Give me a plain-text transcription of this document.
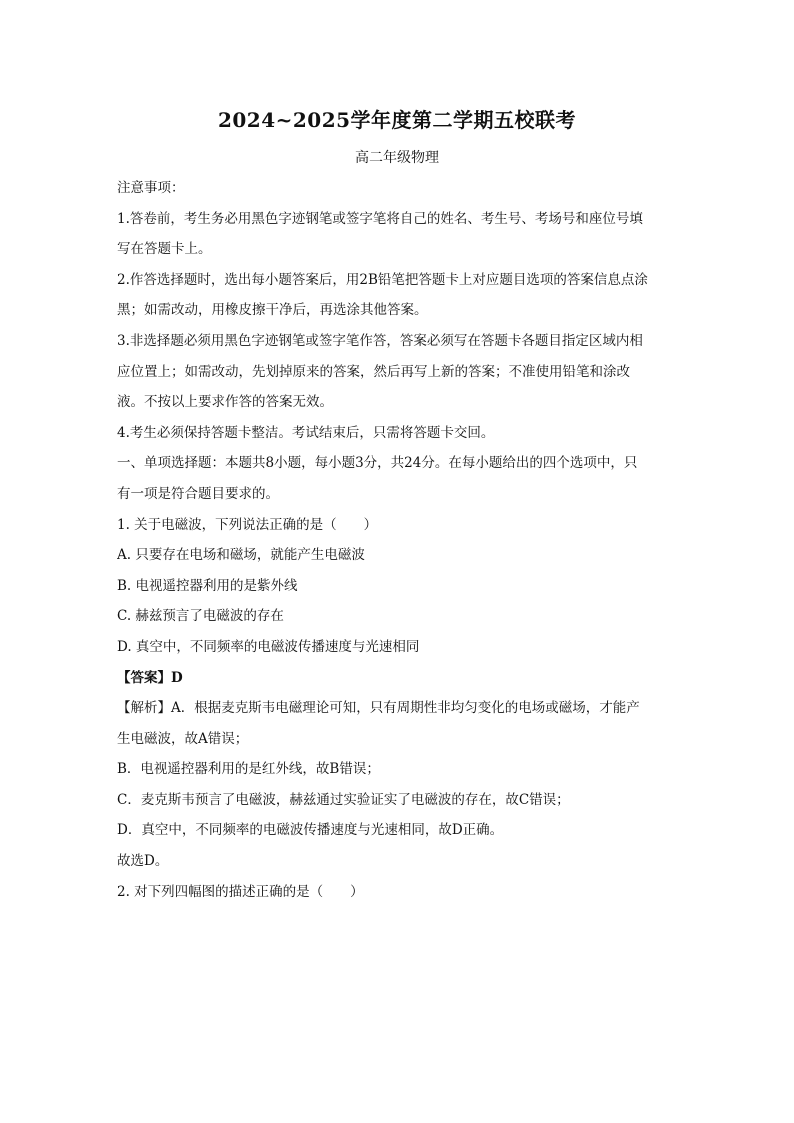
2024~2025学年度第二学期五校联考
高二年级物理
注意事项：
1.答卷前，考生务必用黑色字迹钢笔或签字笔将自己的姓名、考生号、考场号和座位号填
写在答题卡上。
2.作答选择题时，选出每小题答案后，用2B铅笔把答题卡上对应题目选项的答案信息点涂
黑；如需改动，用橡皮擦干净后，再选涂其他答案。
3.非选择题必须用黑色字迹钢笔或签字笔作答，答案必须写在答题卡各题目指定区域内相
应位置上；如需改动，先划掉原来的答案，然后再写上新的答案；不准使用铅笔和涂改
液。不按以上要求作答的答案无效。
4.考生必须保持答题卡整洁。考试结束后，只需将答题卡交回。
一、单项选择题：本题共8小题，每小题3分，共24分。在每小题给出的四个选项中，只
有一项是符合题目要求的。
1. 关于电磁波，下列说法正确的是（　　）
A. 只要存在电场和磁场，就能产生电磁波
B. 电视遥控器利用的是紫外线
C. 赫兹预言了电磁波的存在
D. 真空中，不同频率的电磁波传播速度与光速相同
【答案】D
【解析】A．根据麦克斯韦电磁理论可知，只有周期性非均匀变化的电场或磁场，才能产
生电磁波，故A错误；
B．电视遥控器利用的是红外线，故B错误；
C．麦克斯韦预言了电磁波，赫兹通过实验证实了电磁波的存在，故C错误；
D．真空中，不同频率的电磁波传播速度与光速相同，故D正确。
故选D。
2. 对下列四幅图的描述正确的是（　　）
